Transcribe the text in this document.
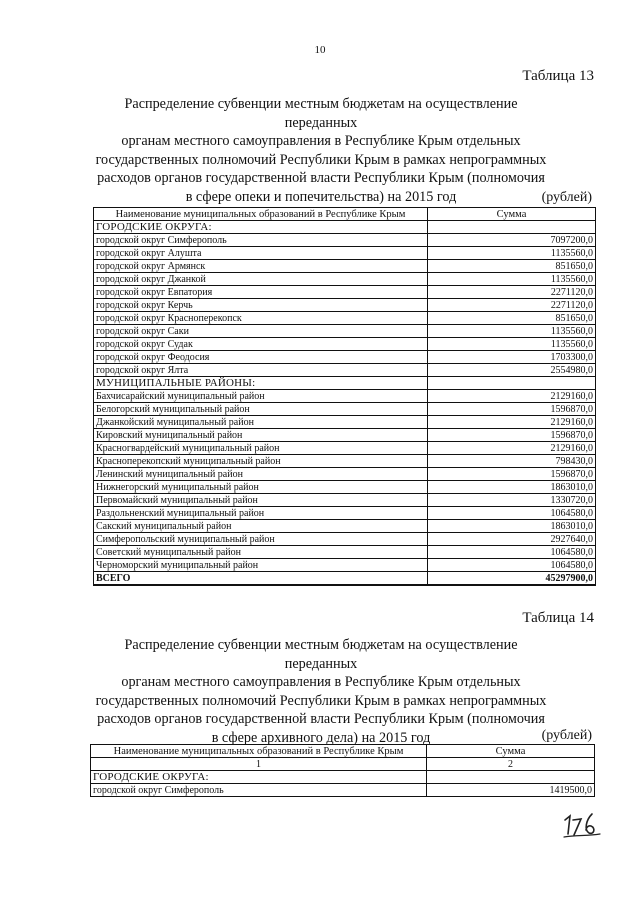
10
Таблица 13
Распределение субвенции местным бюджетам на осуществление переданных
органам местного самоуправления в Республике Крым отдельных
государственных полномочий Республики Крым в рамках непрограммных
расходов органов государственной власти Республики Крым (полномочия
в сфере опеки и попечительства) на 2015 год	(рублей)
Наименование муниципальных образований в Республике Крым	Сумма
ГОРОДСКИЕ ОКРУГА:	
городской округ Симферополь	7097200,0
городской округ Алушта	1135560,0
городской округ Армянск	851650,0
городской округ Джанкой	1135560,0
городской округ Евпатория	2271120,0
городской округ Керчь	2271120,0
городской округ Красноперекопск	851650,0
городской округ Саки	1135560,0
городской округ Судак	1135560,0
городской округ Феодосия	1703300,0
городской округ Ялта	2554980,0
МУНИЦИПАЛЬНЫЕ РАЙОНЫ:	
Бахчисарайский муниципальный район	2129160,0
Белогорский муниципальный район	1596870,0
Джанкойский муниципальный район	2129160,0
Кировский муниципальный район	1596870,0
Красногвардейский муниципальный район	2129160,0
Красноперекопский муниципальный район	798430,0
Ленинский муниципальный район	1596870,0
Нижнегорский муниципальный район	1863010,0
Первомайский муниципальный район	1330720,0
Раздольненский муниципальный район	1064580,0
Сакский муниципальный район	1863010,0
Симферопольский муниципальный район	2927640,0
Советский муниципальный район	1064580,0
Черноморский муниципальный район	1064580,0
ВСЕГО	45297900,0
Таблица 14
Распределение субвенции местным бюджетам на осуществление переданных
органам местного самоуправления в Республике Крым отдельных
государственных полномочий Республики Крым в рамках непрограммных
расходов органов государственной власти Республики Крым (полномочия
в сфере архивного дела) на 2015 год	(рублей)
Наименование муниципальных образований в Республике Крым	Сумма
1	2
ГОРОДСКИЕ ОКРУГА:	
городской округ Симферополь	1419500,0
